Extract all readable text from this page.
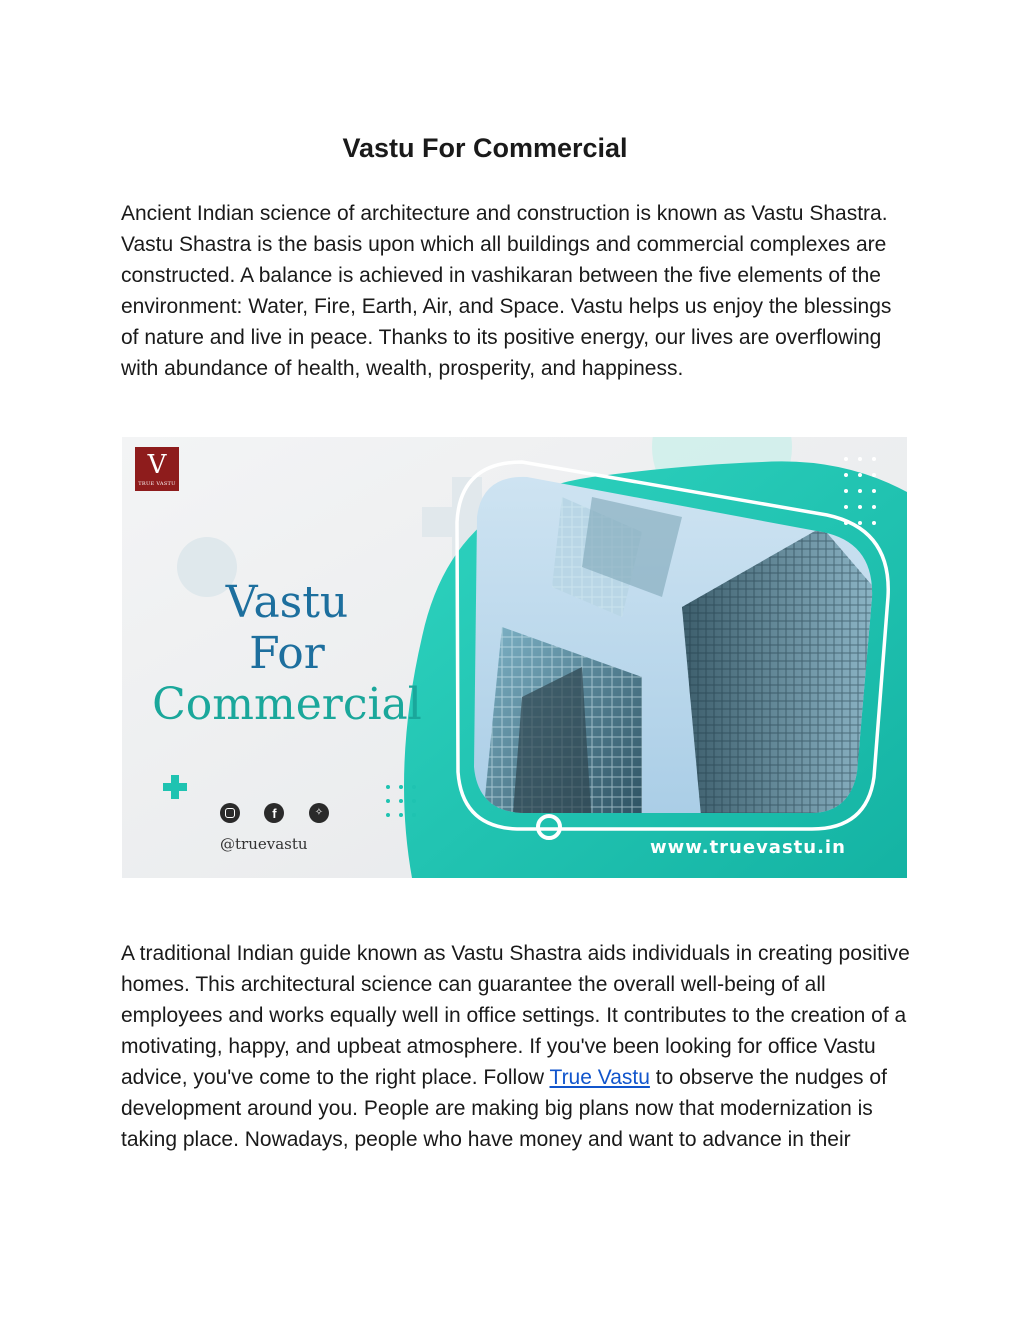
Vastu For Commercial

Ancient Indian science of architecture and construction is known as Vastu Shastra. Vastu Shastra is the basis upon which all buildings and commercial complexes are constructed. A balance is achieved in vashikaran between the five elements of the environment: Water, Fire, Earth, Air, and Space. Vastu helps us enjoy the blessings of nature and live in peace. Thanks to its positive energy, our lives are overflowing with abundance of health, wealth, prosperity, and happiness.

V
TRUE VASTU
Vastu
For
Commercial
f	✧
@truevastu	www.truevastu.in

A traditional Indian guide known as Vastu Shastra aids individuals in creating positive homes. This architectural science can guarantee the overall well-being of all employees and works equally well in office settings. It contributes to the creation of a motivating, happy, and upbeat atmosphere. If you've been looking for office Vastu advice, you've come to the right place. Follow True Vastu to observe the nudges of development around you. People are making big plans now that modernization is taking place. Nowadays, people who have money and want to advance in their
